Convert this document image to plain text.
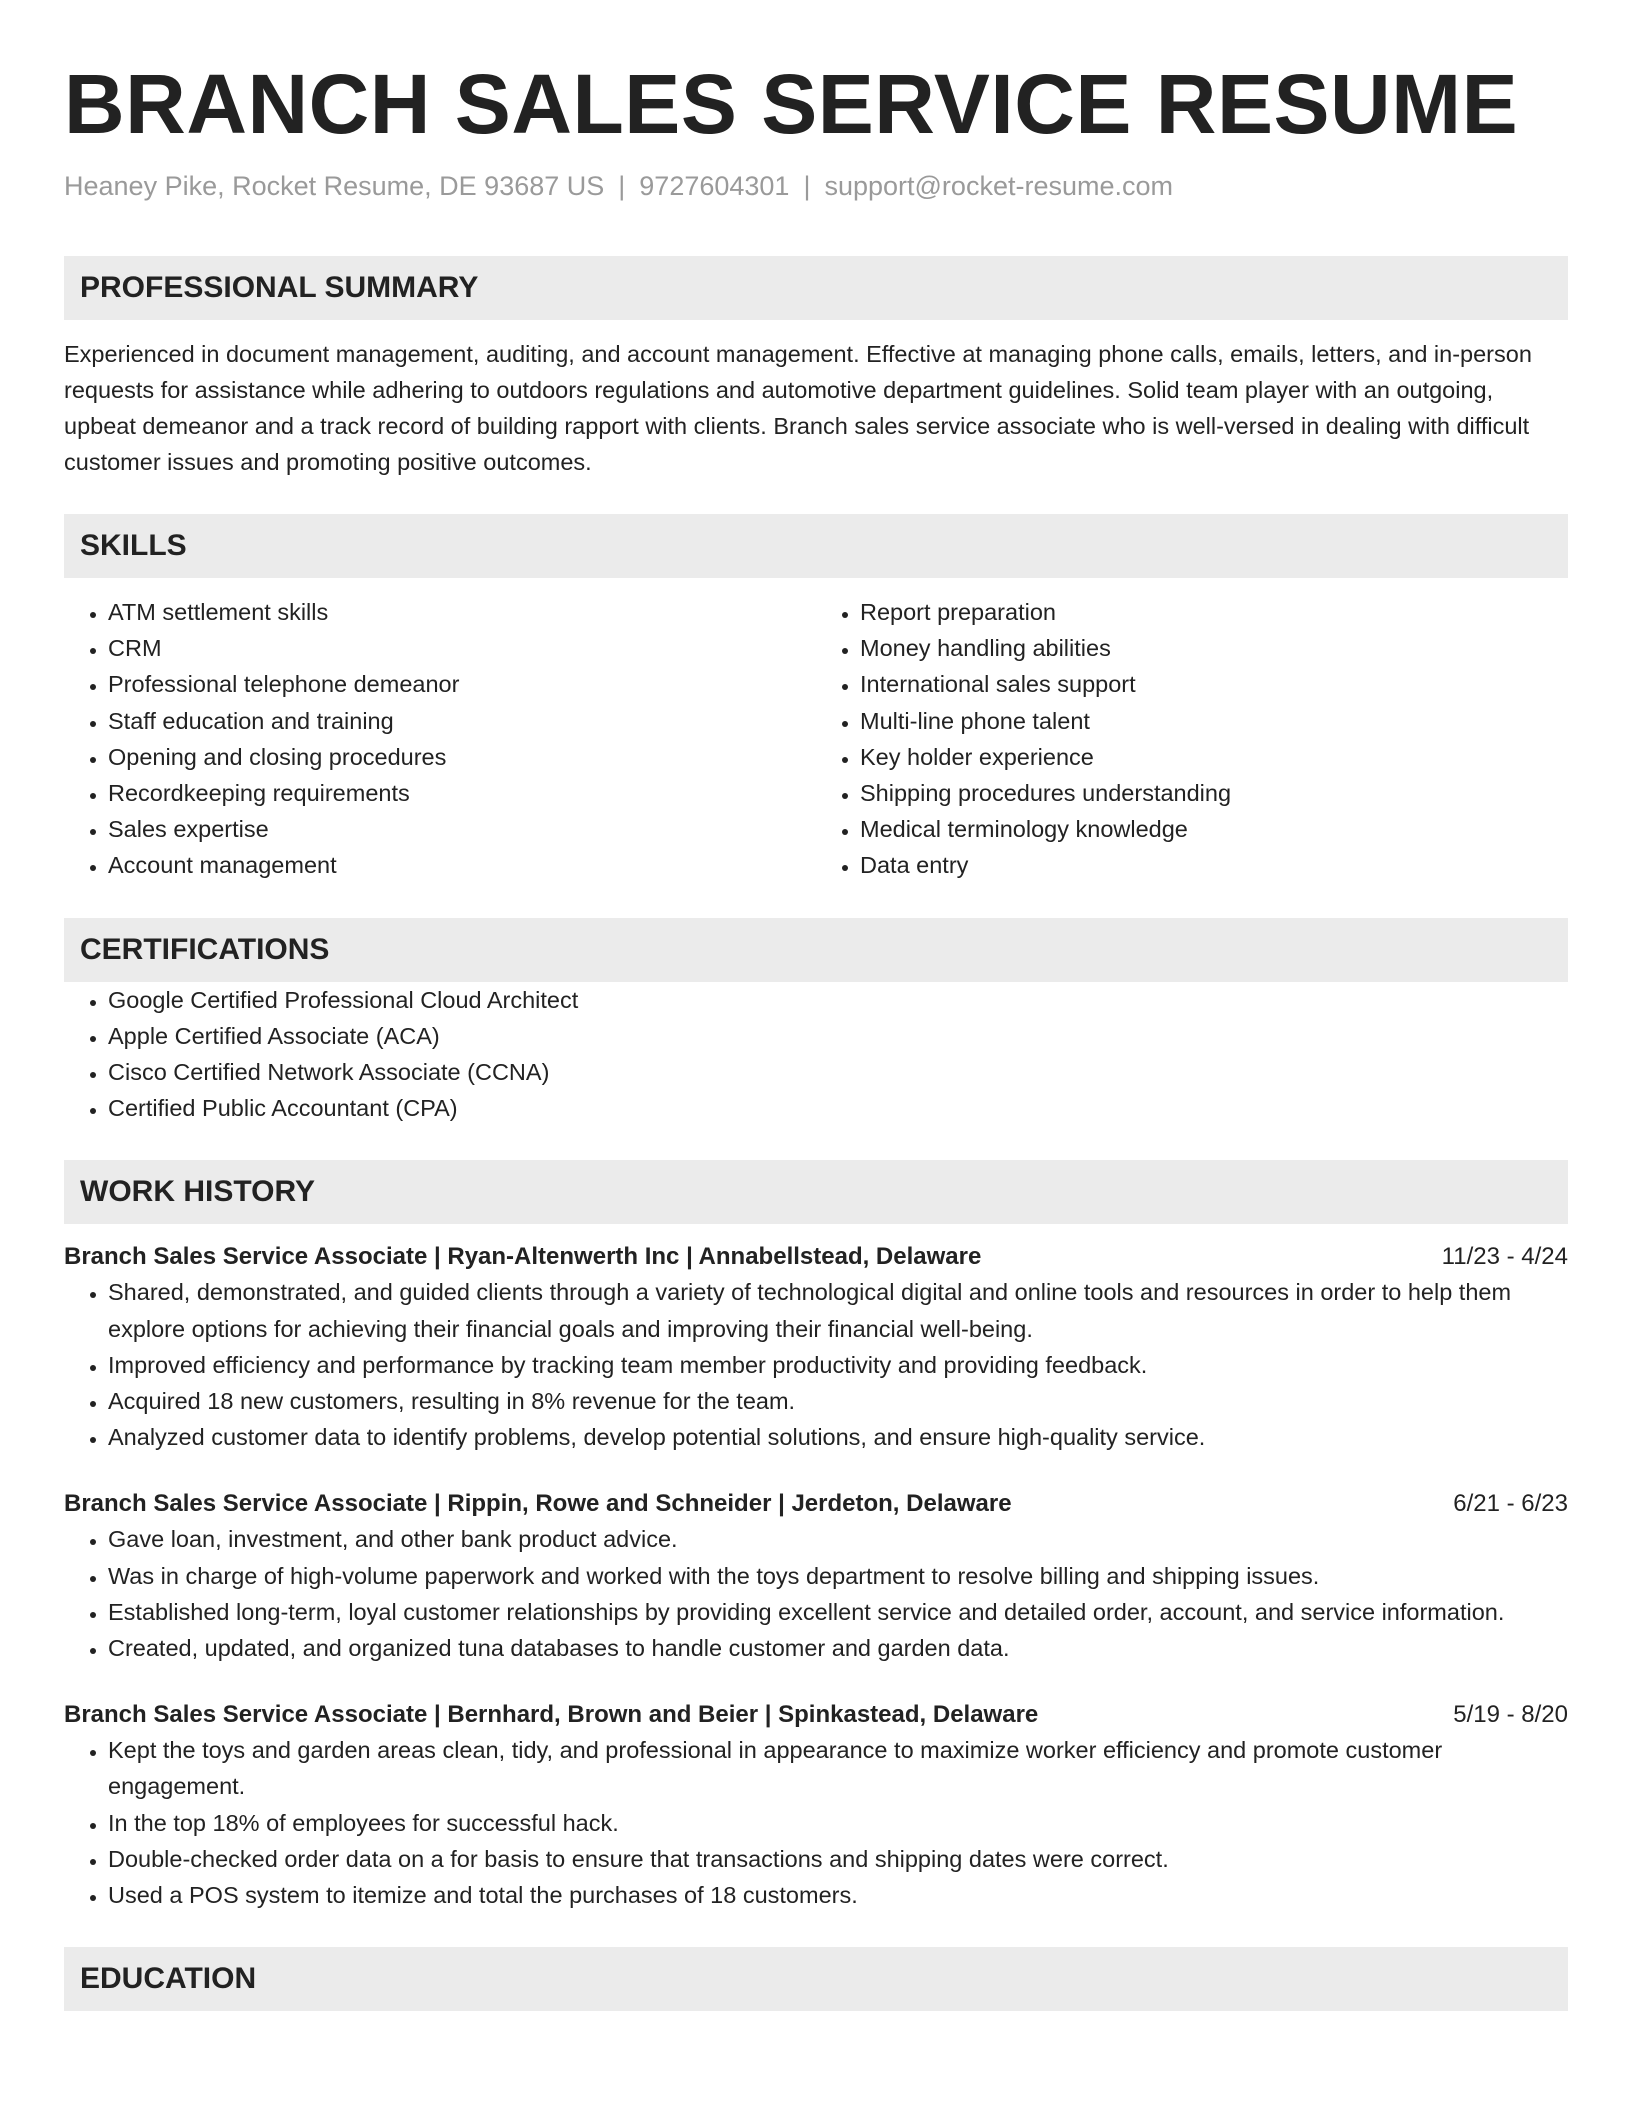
BRANCH SALES SERVICE RESUME
Heaney Pike, Rocket Resume, DE 93687 US | 9727604301 | support@rocket-resume.com
PROFESSIONAL SUMMARY

Experienced in document management, auditing, and account management. Effective at managing phone calls, emails, letters, and in-person requests for assistance while adhering to outdoors regulations and automotive department guidelines. Solid team player with an outgoing, upbeat demeanor and a track record of building rapport with clients. Branch sales service associate who is well-versed in dealing with difficult customer issues and promoting positive outcomes.

SKILLS
• ATM settlement skills
• CRM
• Professional telephone demeanor
• Staff education and training
• Opening and closing procedures
• Recordkeeping requirements
• Sales expertise
• Account management
• Report preparation
• Money handling abilities
• International sales support
• Multi-line phone talent
• Key holder experience
• Shipping procedures understanding
• Medical terminology knowledge
• Data entry
CERTIFICATIONS
• Google Certified Professional Cloud Architect
• Apple Certified Associate (ACA)
• Cisco Certified Network Associate (CCNA)
• Certified Public Accountant (CPA)
WORK HISTORY
Branch Sales Service Associate | Ryan-Altenwerth Inc | Annabellstead, Delaware	11/23 - 4/24
• Shared, demonstrated, and guided clients through a variety of technological digital and online tools and resources in order to help them explore options for achieving their financial goals and improving their financial well-being.
• Improved efficiency and performance by tracking team member productivity and providing feedback.
• Acquired 18 new customers, resulting in 8% revenue for the team.
• Analyzed customer data to identify problems, develop potential solutions, and ensure high-quality service.
Branch Sales Service Associate | Rippin, Rowe and Schneider | Jerdeton, Delaware	6/21 - 6/23
• Gave loan, investment, and other bank product advice.
• Was in charge of high-volume paperwork and worked with the toys department to resolve billing and shipping issues.
• Established long-term, loyal customer relationships by providing excellent service and detailed order, account, and service information.
• Created, updated, and organized tuna databases to handle customer and garden data.
Branch Sales Service Associate | Bernhard, Brown and Beier | Spinkastead, Delaware	5/19 - 8/20
• Kept the toys and garden areas clean, tidy, and professional in appearance to maximize worker efficiency and promote customer engagement.
• In the top 18% of employees for successful hack.
• Double-checked order data on a for basis to ensure that transactions and shipping dates were correct.
• Used a POS system to itemize and total the purchases of 18 customers.
EDUCATION
